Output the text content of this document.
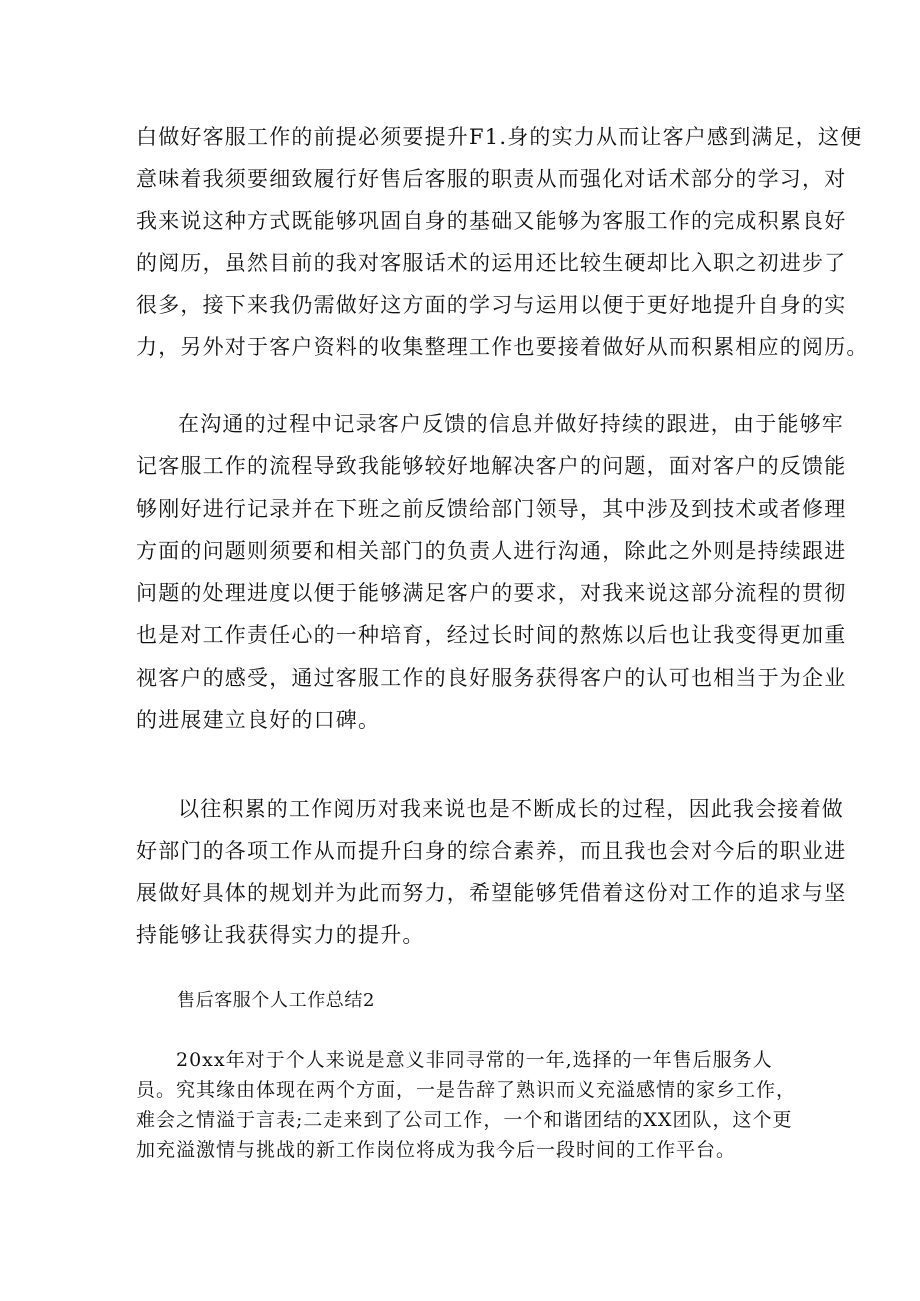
白做好客服工作的前提必须要提升F1.身的实力从而让客户感到满足，这便
意味着我须要细致履行好售后客服的职责从而强化对话术部分的学习，对
我来说这种方式既能够巩固自身的基础又能够为客服工作的完成积累良好
的阅历，虽然目前的我对客服话术的运用还比较生硬却比入职之初进步了
很多，接下来我仍需做好这方面的学习与运用以便于更好地提升自身的实
力，另外对于客户资料的收集整理工作也要接着做好从而积累相应的阅历。
在沟通的过程中记录客户反馈的信息并做好持续的跟进，由于能够牢
记客服工作的流程导致我能够较好地解决客户的问题，面对客户的反馈能
够刚好进行记录并在下班之前反馈给部门领导，其中涉及到技术或者修理
方面的问题则须要和相关部门的负责人进行沟通，除此之外则是持续跟进
问题的处理进度以便于能够满足客户的要求，对我来说这部分流程的贯彻
也是对工作责任心的一种培育，经过长时间的熬炼以后也让我变得更加重
视客户的感受，通过客服工作的良好服务获得客户的认可也相当于为企业
的进展建立良好的口碑。
以往积累的工作阅历对我来说也是不断成长的过程，因此我会接着做
好部门的各项工作从而提升臼身的综合素养，而且我也会对今后的职业进
展做好具体的规划并为此而努力，希望能够凭借着这份对工作的追求与坚
持能够让我获得实力的提升。
售后客服个人工作总结2
20xx年对于个人来说是意义非同寻常的一年,选择的一年售后服务人
员。究其缘由体现在两个方面，一是告辞了熟识而义充溢感情的家乡工作，
难会之情溢于言表;二走来到了公司工作，一个和谐团结的XX团队，这个更
加充溢激情与挑战的新工作岗位将成为我今后一段时间的工作平台。
